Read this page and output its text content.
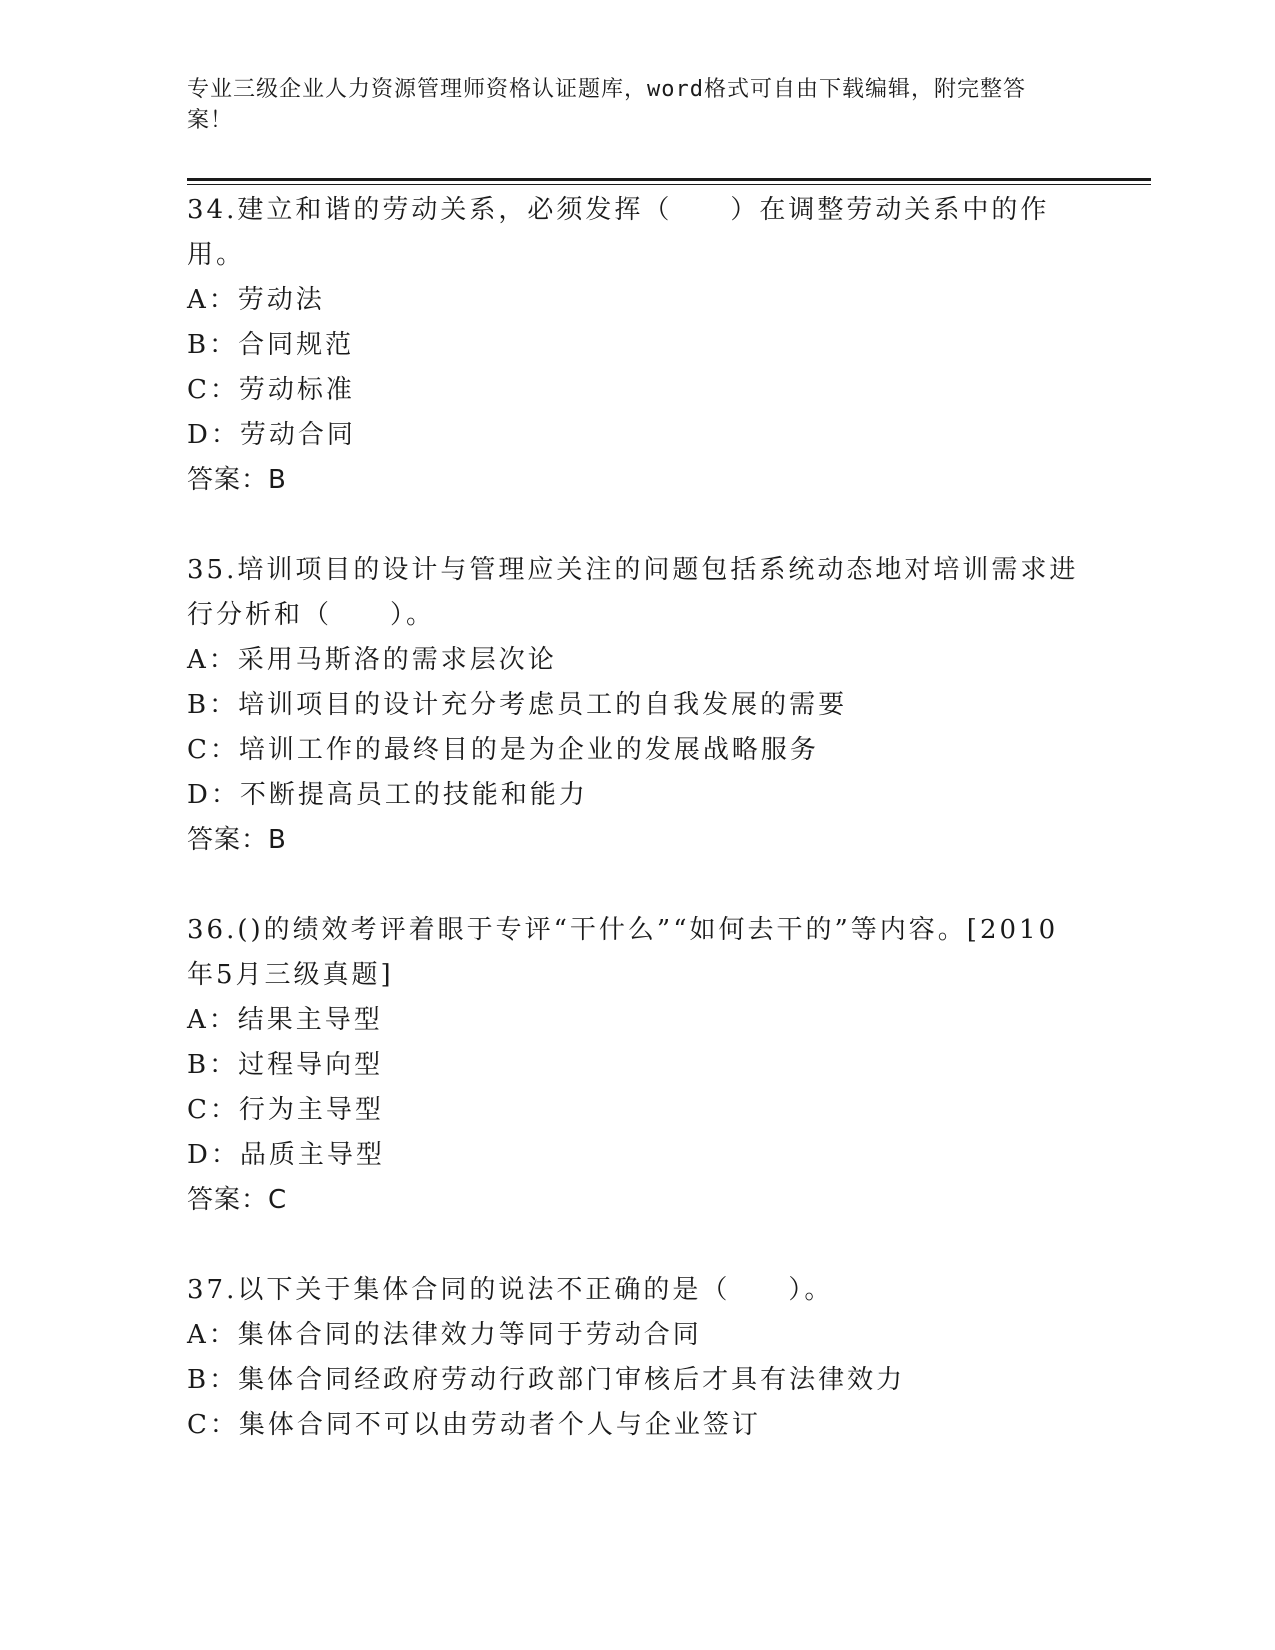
专业三级企业人力资源管理师资格认证题库，word格式可自由下载编辑，附完整答案！
34.建立和谐的劳动关系，必须发挥（　　）在调整劳动关系中的作用。
A：劳动法
B：合同规范
C：劳动标准
D：劳动合同
答案：B
35.培训项目的设计与管理应关注的问题包括系统动态地对培训需求进行分析和（　　）。
A：采用马斯洛的需求层次论
B：培训项目的设计充分考虑员工的自我发展的需要
C：培训工作的最终目的是为企业的发展战略服务
D：不断提高员工的技能和能力
答案：B
36.()的绩效考评着眼于专评“干什么”“如何去干的”等内容。[2010年5月三级真题]
A：结果主导型
B：过程导向型
C：行为主导型
D：品质主导型
答案：C
37.以下关于集体合同的说法不正确的是（　　）。
A：集体合同的法律效力等同于劳动合同
B：集体合同经政府劳动行政部门审核后才具有法律效力
C：集体合同不可以由劳动者个人与企业签订
